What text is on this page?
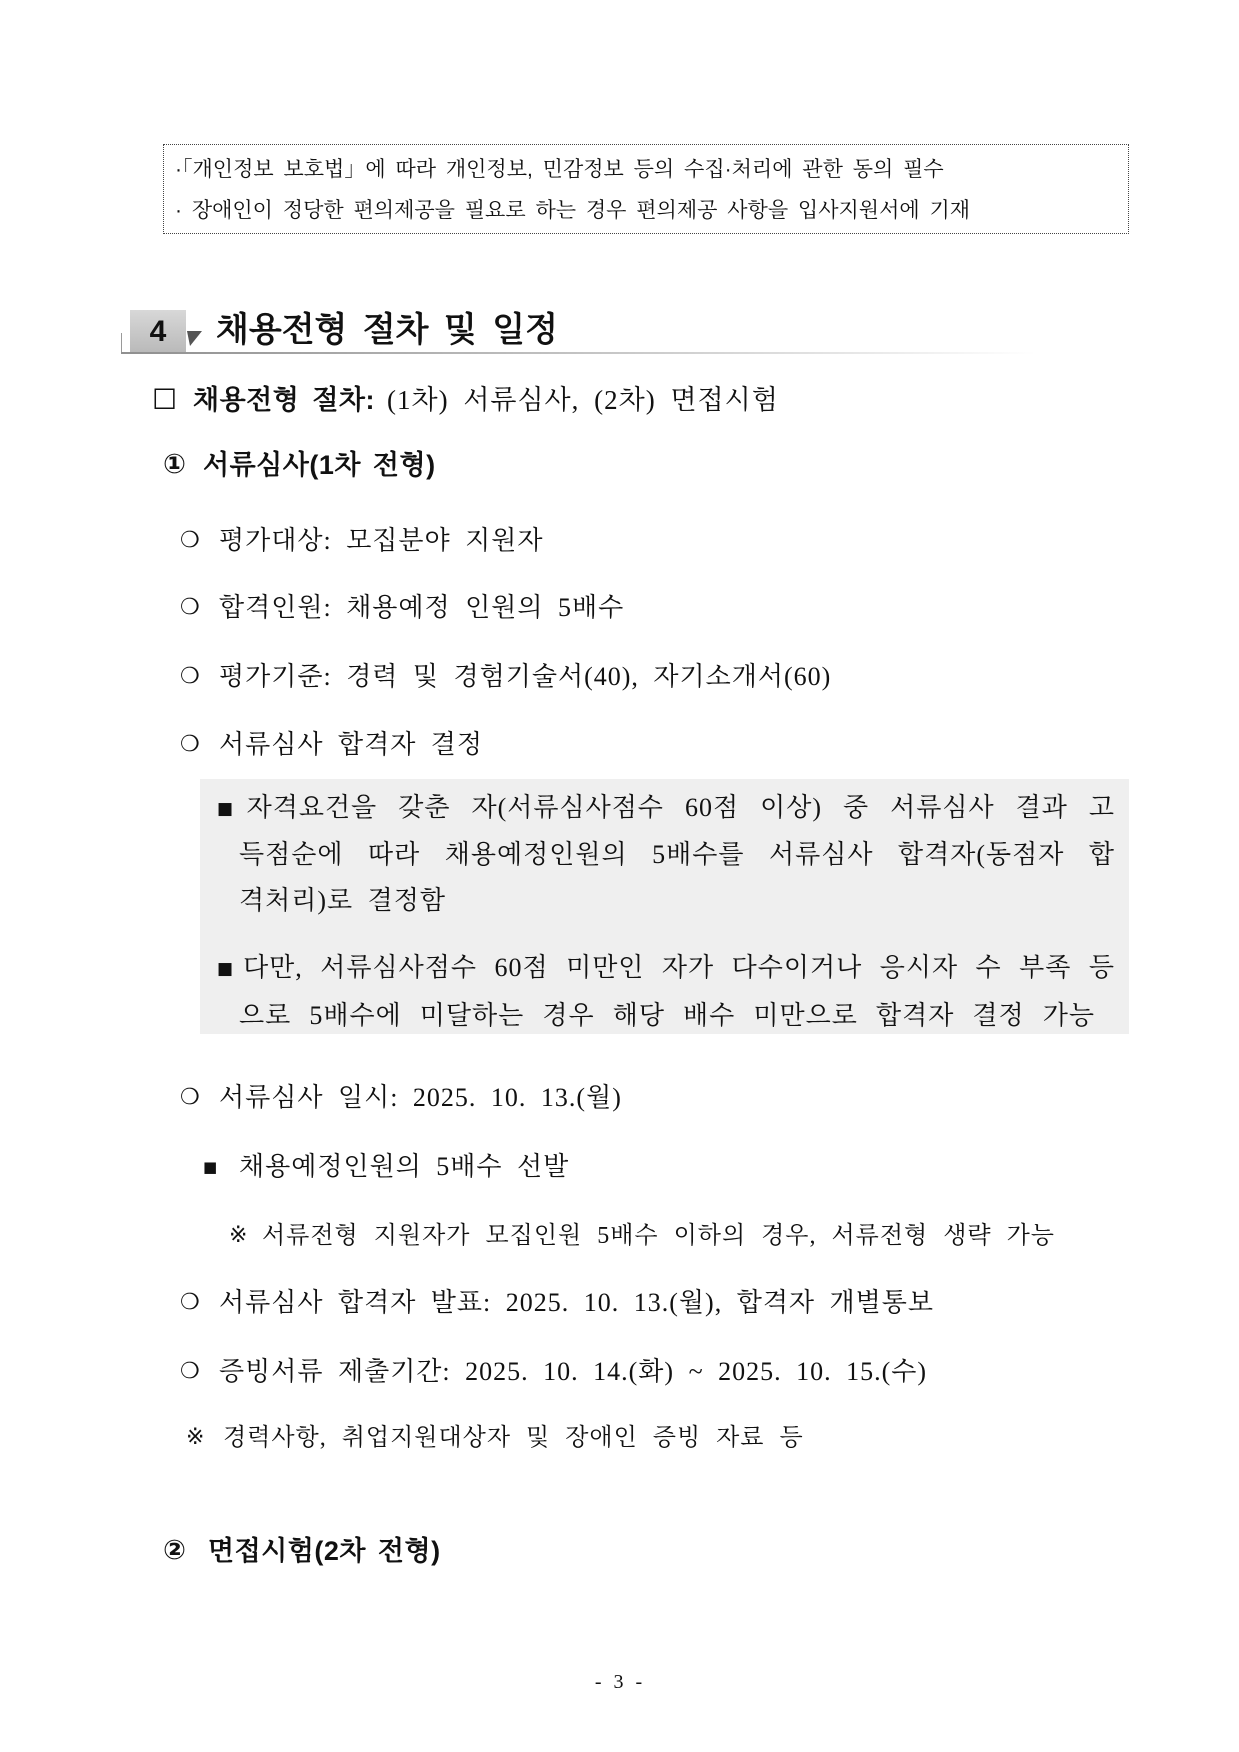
·「개인정보 보호법」에 따라 개인정보, 민감정보 등의 수집·처리에 관한 동의 필수
· 장애인이 정당한 편의제공을 필요로 하는 경우 편의제공 사항을 입사지원서에 기재
4	채용전형 절차 및 일정
☐ 채용전형 절차: (1차) 서류심사, (2차) 면접시험
① 서류심사(1차 전형)
❍ 평가대상: 모집분야 지원자
❍ 합격인원: 채용예정 인원의 5배수
❍ 평가기준: 경력 및 경험기술서(40), 자기소개서(60)
❍ 서류심사 합격자 결정
■자격요건을 갖춘 자(서류심사점수 60점 이상) 중 서류심사 결과 고
득점순에 따라 채용예정인원의 5배수를 서류심사 합격자(동점자 합
격처리)로 결정함
■다만, 서류심사점수 60점 미만인 자가 다수이거나 응시자 수 부족 등
으로 5배수에 미달하는 경우 해당 배수 미만으로 합격자 결정 가능
❍ 서류심사 일시: 2025. 10. 13.(월)
■ 채용예정인원의 5배수 선발
※ 서류전형 지원자가 모집인원 5배수 이하의 경우, 서류전형 생략 가능
❍ 서류심사 합격자 발표: 2025. 10. 13.(월), 합격자 개별통보
❍ 증빙서류 제출기간: 2025. 10. 14.(화) ~ 2025. 10. 15.(수)
※ 경력사항, 취업지원대상자 및 장애인 증빙 자료 등
② 면접시험(2차 전형)
- 3 -
